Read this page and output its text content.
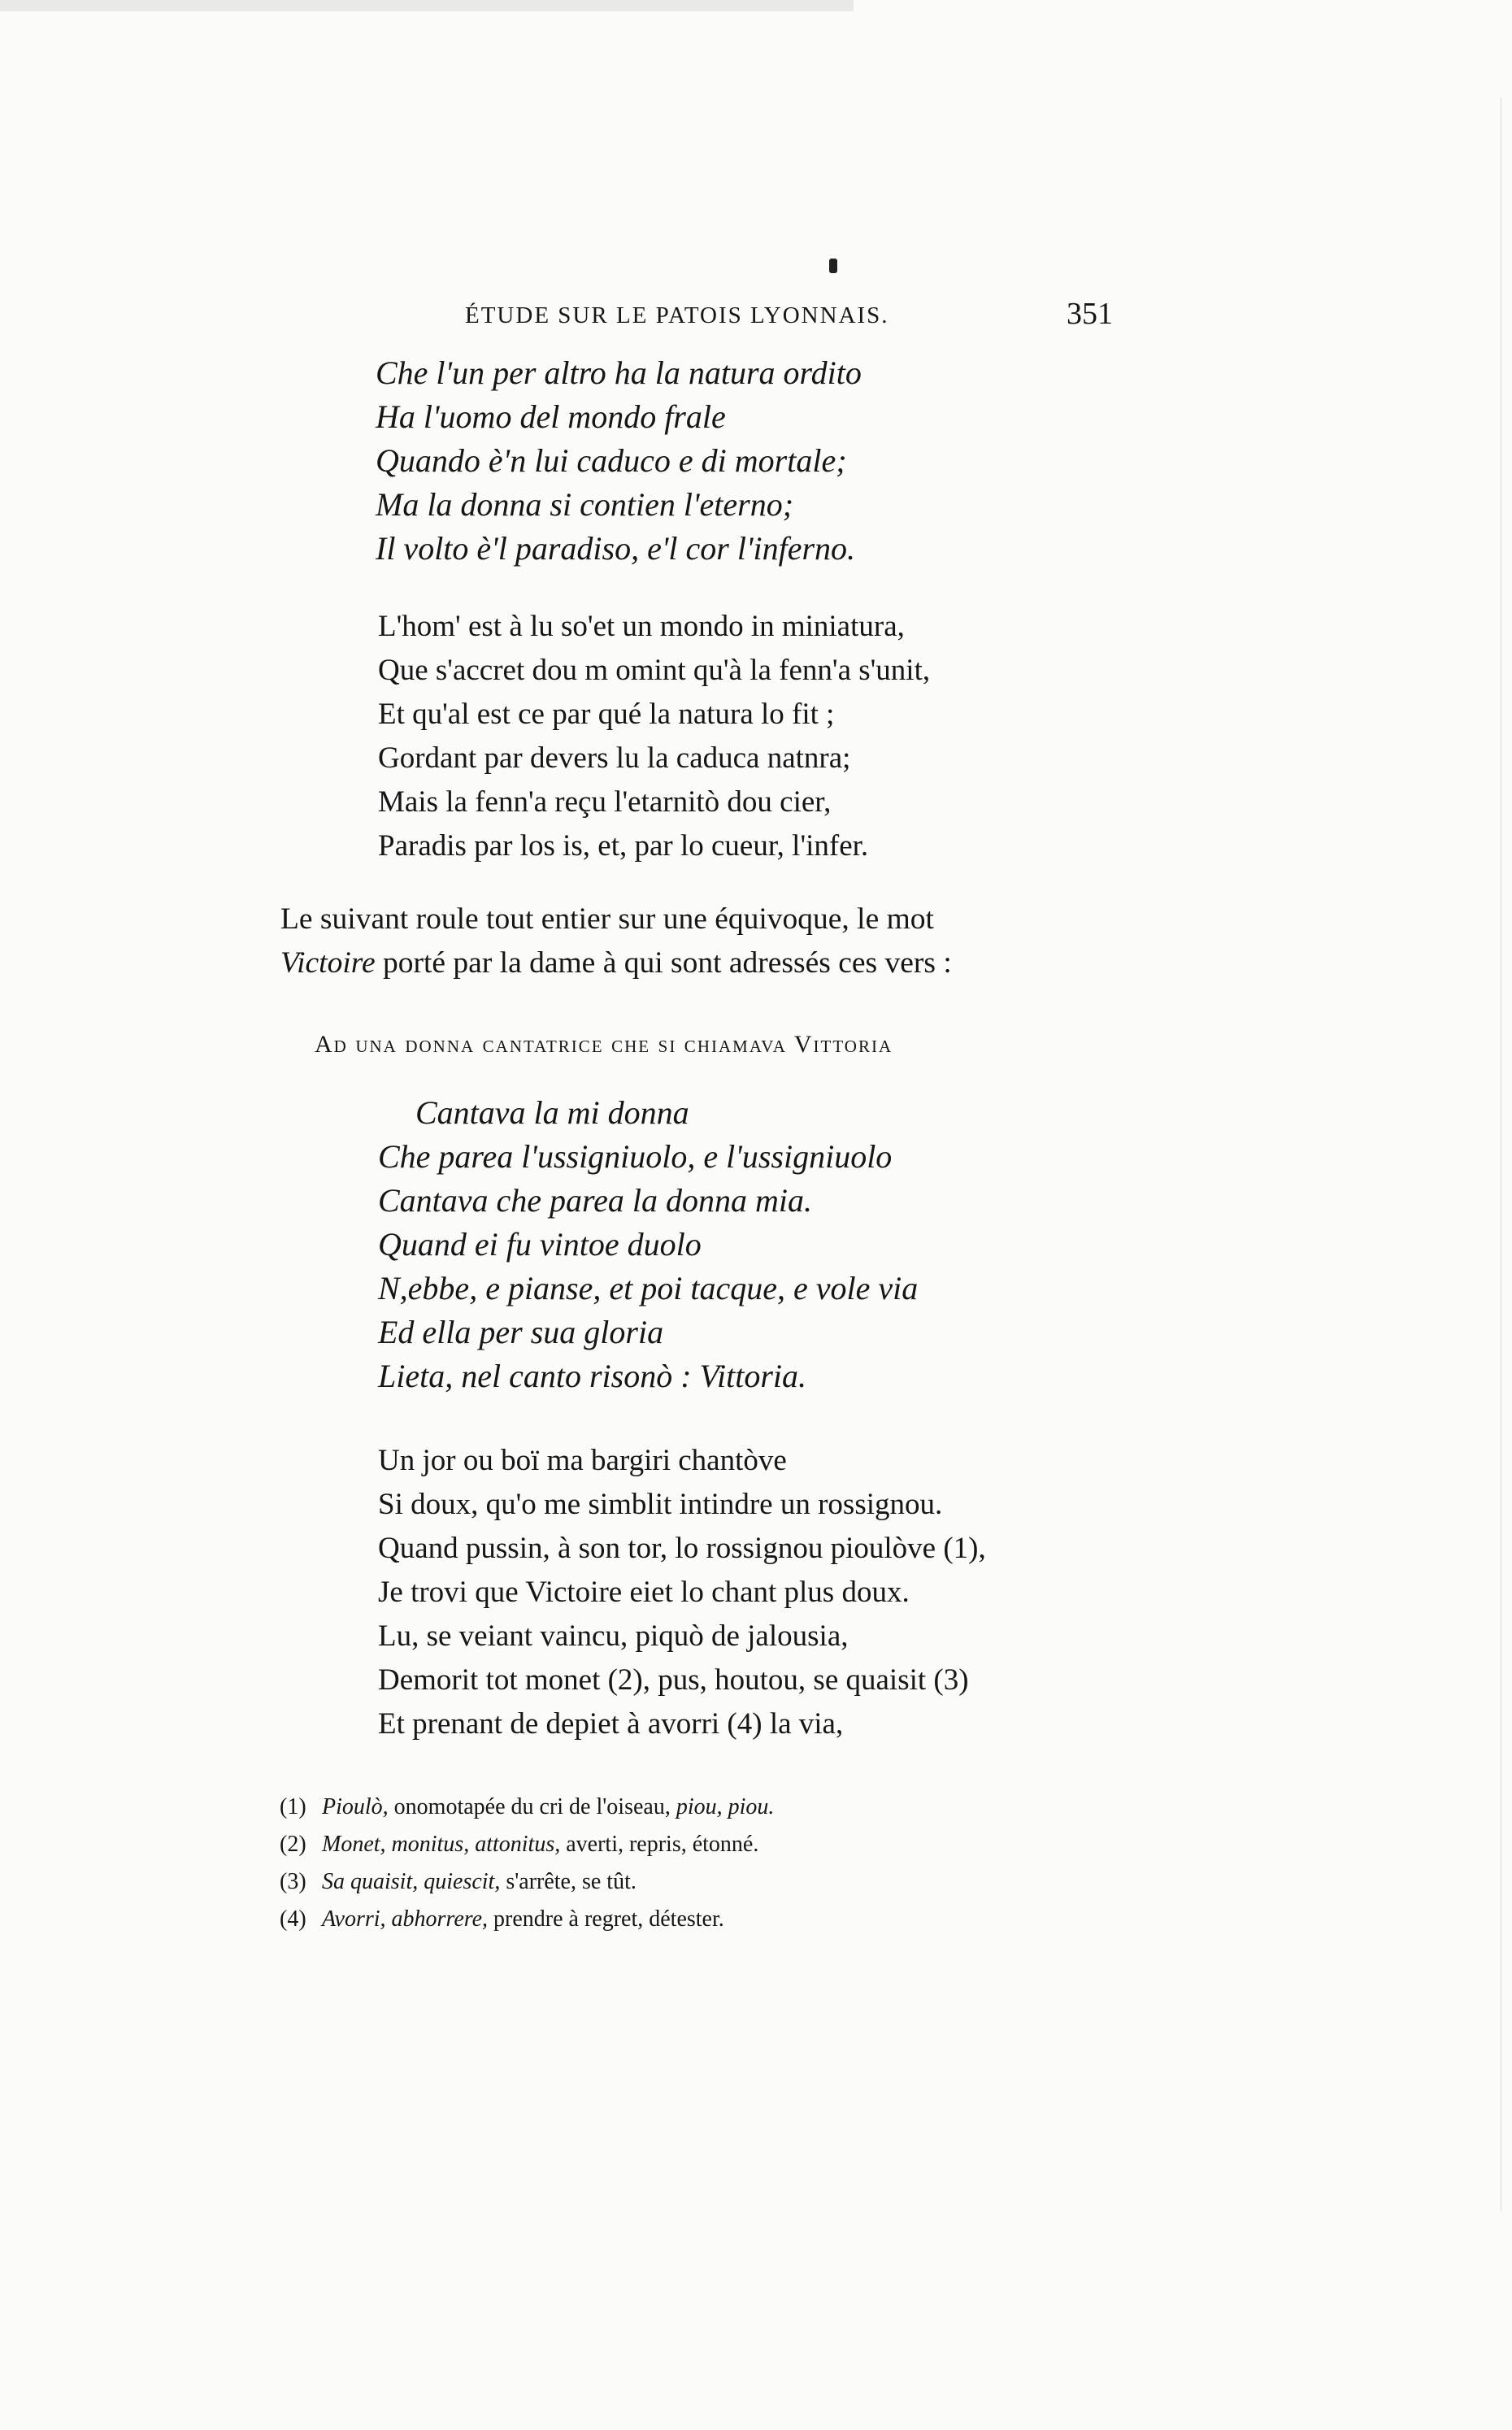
ÉTUDE SUR LE PATOIS LYONNAIS.	351
Che l'un per altro ha la natura ordito
Ha l'uomo del mondo frale
Quando è'n lui caduco e di mortale;
Ma la donna si contien l'eterno;
Il volto è'l paradiso, e'l cor l'inferno.
L'hom' est à lu so'et un mondo in miniatura,
Que s'accret dou m omint qu'à la fenn'a s'unit,
Et qu'al est ce par qué la natura lo fit ;
Gordant par devers lu la caduca natnra;
Mais la fenn'a reçu l'etarnitò dou cier,
Paradis par los is, et, par lo cueur, l'infer.
Le suivant roule tout entier sur une équivoque, le mot
Victoire porté par la dame à qui sont adressés ces vers :
Ad una donna cantatrice che si chiamava Vittoria
Cantava la mi donna
Che parea l'ussigniuolo, e l'ussigniuolo
Cantava che parea la donna mia.
Quand ei fu vintoe duolo
N,ebbe, e pianse, et poi tacque, e vole via
Ed ella per sua gloria
Lieta, nel canto risonò : Vittoria.
Un jor ou boï ma bargiri chantòve
Si doux, qu'o me simblit intindre un rossignou.
Quand pussin, à son tor, lo rossignou pioulòve (1),
Je trovi que Victoire eiet lo chant plus doux.
Lu, se veiant vaincu, piquò de jalousia,
Demorit tot monet (2), pus, houtou, se quaisit (3)
Et prenant de depiet à avorri (4) la via,
(1) Pioulò, onomotapée du cri de l'oiseau, piou, piou.
(2) Monet, monitus, attonitus, averti, repris, étonné.
(3) Sa quaisit, quiescit, s'arrête, se tût.
(4) Avorri, abhorrere, prendre à regret, détester.
